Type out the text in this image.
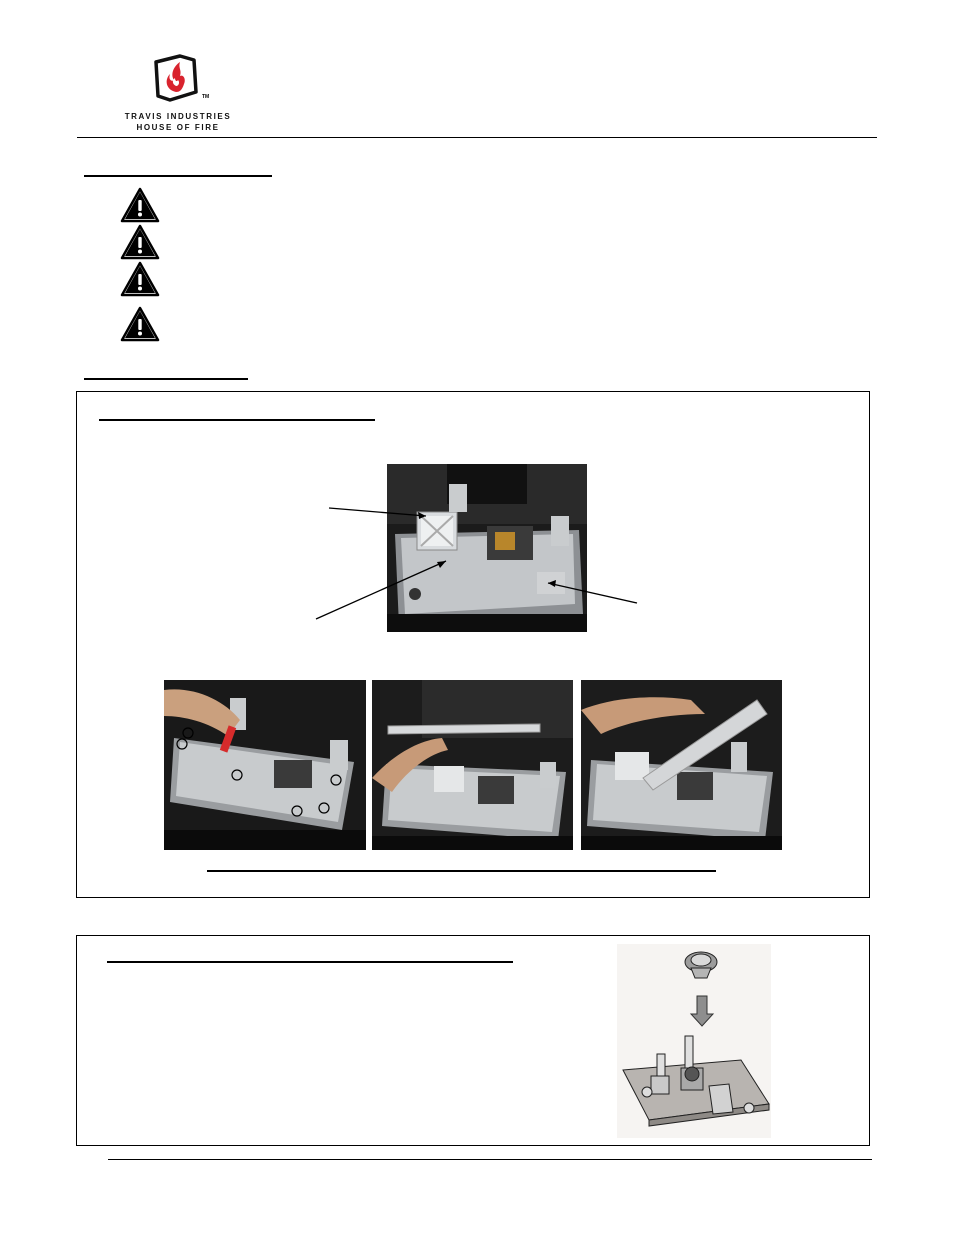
TM
TRAVIS INDUSTRIES
HOUSE OF FIRE
